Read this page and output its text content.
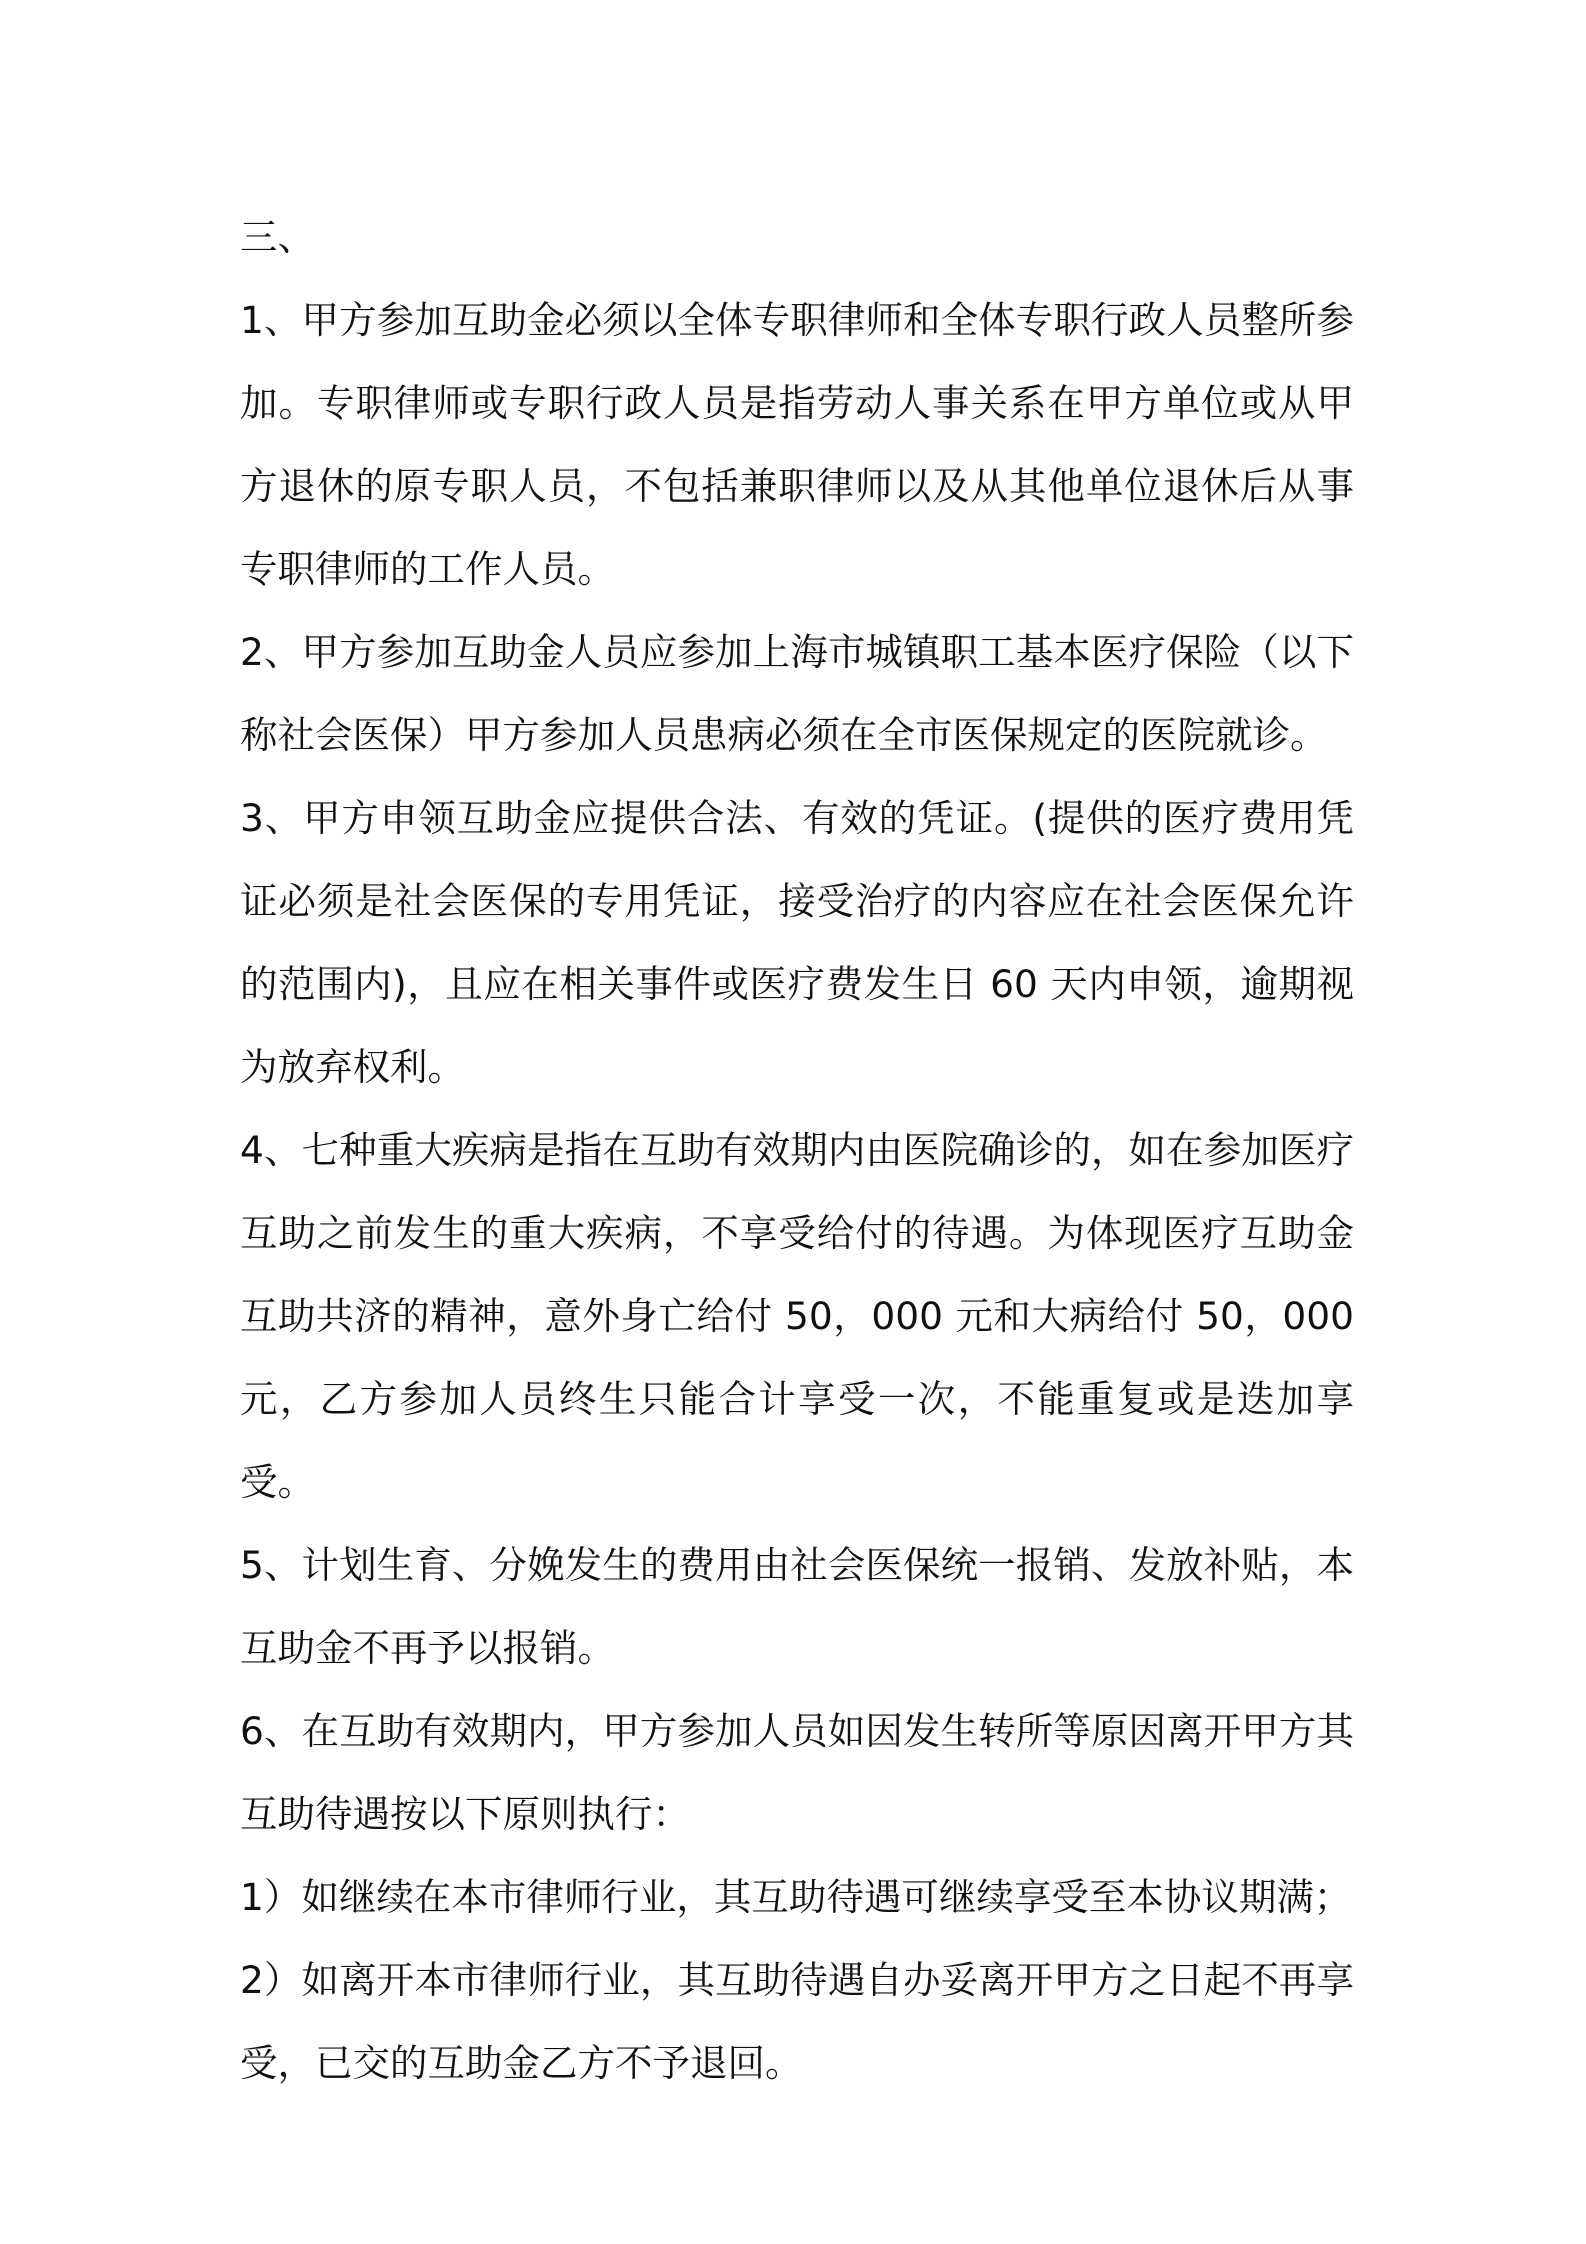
三、

1、甲方参加互助金必须以全体专职律师和全体专职行政人员整所参加。专职律师或专职行政人员是指劳动人事关系在甲方单位或从甲方退休的原专职人员，不包括兼职律师以及从其他单位退休后从事专职律师的工作人员。

2、甲方参加互助金人员应参加上海市城镇职工基本医疗保险（以下称社会医保）甲方参加人员患病必须在全市医保规定的医院就诊。

3、甲方申领互助金应提供合法、有效的凭证。(提供的医疗费用凭证必须是社会医保的专用凭证，接受治疗的内容应在社会医保允许的范围内)，且应在相关事件或医疗费发生日 60 天内申领，逾期视为放弃权利。

4、七种重大疾病是指在互助有效期内由医院确诊的，如在参加医疗互助之前发生的重大疾病，不享受给付的待遇。为体现医疗互助金互助共济的精神，意外身亡给付 50，000 元和大病给付 50，000 元，乙方参加人员终生只能合计享受一次，不能重复或是迭加享受。

5、计划生育、分娩发生的费用由社会医保统一报销、发放补贴，本互助金不再予以报销。

6、在互助有效期内，甲方参加人员如因发生转所等原因离开甲方其互助待遇按以下原则执行：

1）如继续在本市律师行业，其互助待遇可继续享受至本协议期满；

2）如离开本市律师行业，其互助待遇自办妥离开甲方之日起不再享受，已交的互助金乙方不予退回。
